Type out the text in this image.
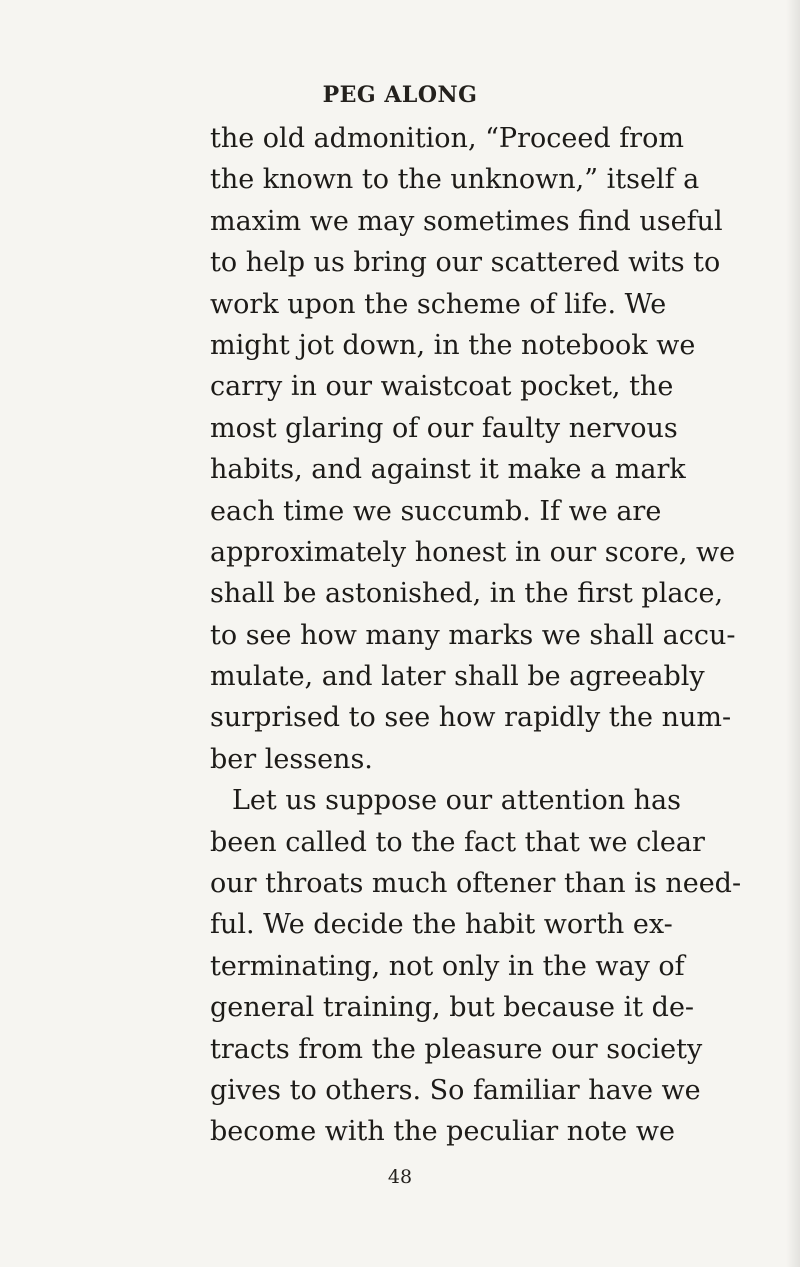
PEG ALONG
the old admonition, “Proceed from
the known to the unknown,” itself a
maxim we may sometimes find useful
to help us bring our scattered wits to
work upon the scheme of life. We
might jot down, in the notebook we
carry in our waistcoat pocket, the
most glaring of our faulty nervous
habits, and against it make a mark
each time we succumb. If we are
approximately honest in our score, we
shall be astonished, in the first place,
to see how many marks we shall accu-
mulate, and later shall be agreeably
surprised to see how rapidly the num-
ber lessens.
Let us suppose our attention has
been called to the fact that we clear
our throats much oftener than is need-
ful. We decide the habit worth ex-
terminating, not only in the way of
general training, but because it de-
tracts from the pleasure our society
gives to others. So familiar have we
become with the peculiar note we
48
